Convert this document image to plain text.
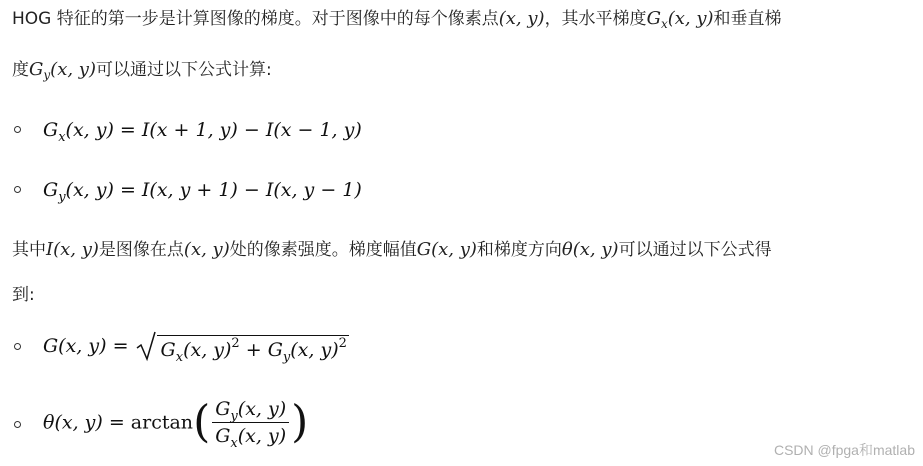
HOG 特征的第一步是计算图像的梯度。对于图像中的每个像素点(x, y)，其水平梯度$G_x(x$, y)和垂直梯
度$G_y(x$, y)可以通过以下公式计算:
$G_x(x$, y) = I(x + 1, y) − I(x − 1, y)
$G_y(x$, y) = I(x, y + 1) − I(x, y − 1)
其中I(x, y)是图像在点(x, y)处的像素强度。梯度幅值G(x, y)和梯度方向θ(x, y)可以通过以下公式得
到:
G(x, $y) = G_x(x$, $y)^2 + G_y(x$, y)$^2$
θ(x, $y) = \arctan( \frac{G_y(x, y)}{G_x(x, y)}$ )
CSDN @fpga和matlab
